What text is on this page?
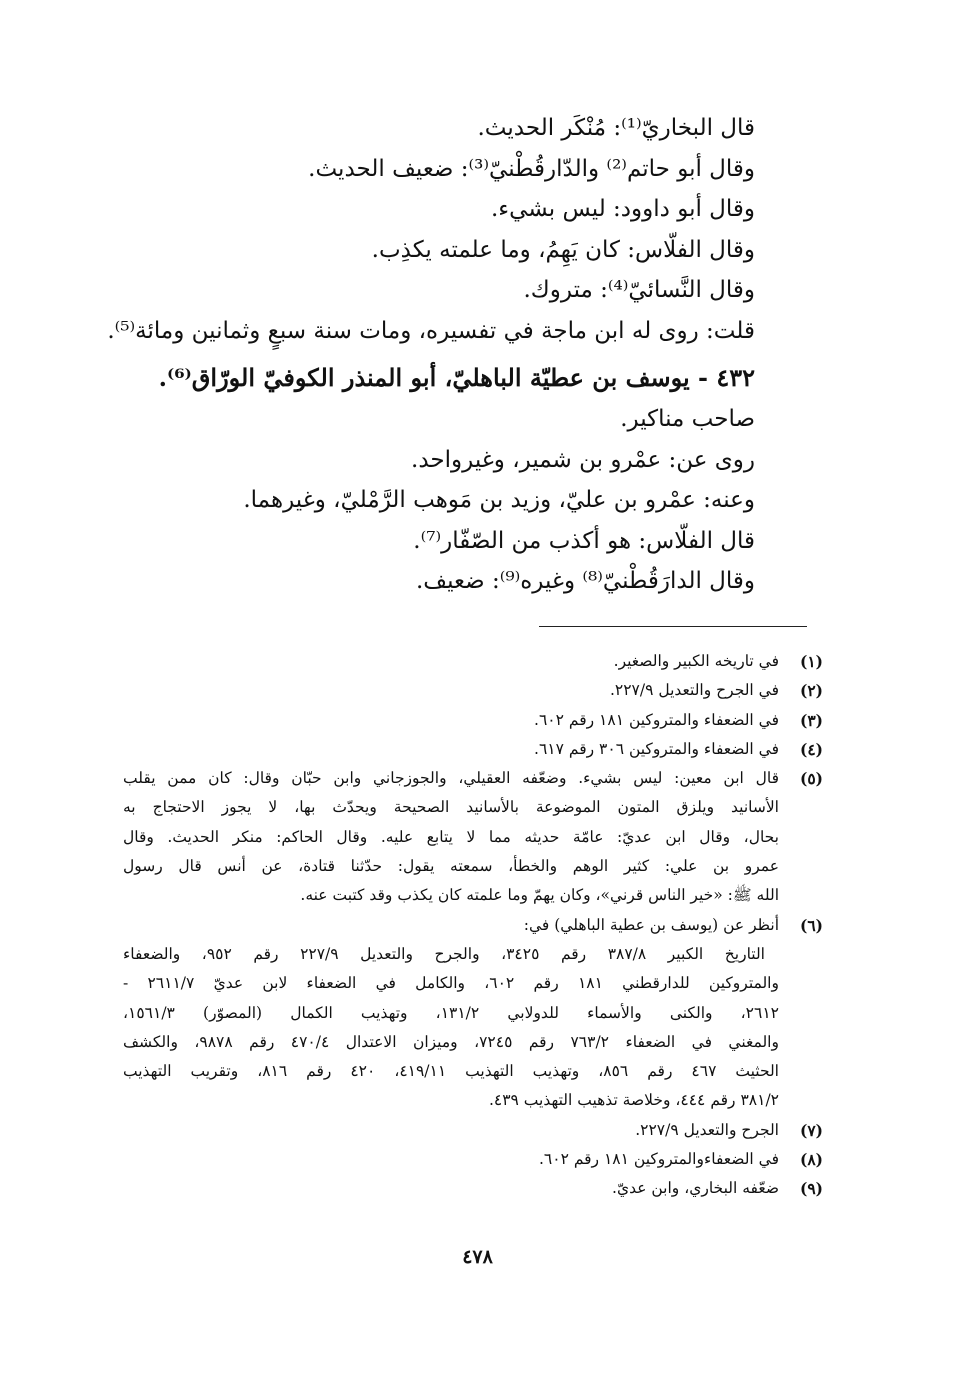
قال البخاريّ⁽¹⁾: مُنْكَر الحديث.
وقال أبو حاتم⁽²⁾ والدّارقُطْنيّ⁽³⁾: ضعيف الحديث.
وقال أبو داوود: ليس بشيء.
وقال الفلّاس: كان يَهِمُ، وما علمته يكذِب.
وقال النَّسائيّ⁽⁴⁾: متروك.
قلت: روى له ابن ماجة في تفسيره، ومات سنة سبعٍ وثمانين ومائة⁽⁵⁾.
٤٣٢ - يوسف بن عطيّة الباهليّ، أبو المنذر الكوفيّ الورّاق⁽⁶⁾.
صاحب مناكير.
روى عن: عمْرو بن شمير، وغيرواحد.
وعنه: عمْرو بن عليّ، وزيد بن مَوهب الرَّمْليّ، وغيرهما.
قال الفلّاس: هو أكذب من الصّفّار⁽⁷⁾.
وقال الدارَقُطْنيّ⁽⁸⁾ وغيره⁽⁹⁾: ضعيف.
(١)
في تاريخه الكبير والصغير.
(٢)
في الجرح والتعديل ٢٢٧/٩.
(٣)
في الضعفاء والمتروكين ١٨١ رقم ٦٠٢.
(٤)
في الضعفاء والمتروكين ٣٠٦ رقم ٦١٧.
(٥)
قال ابن معين: ليس بشيء. وضعّفه العقيلي، والجوزجاني وابن حبّان وقال: كان ممن يقلب
الأسانيد ويلزق المتون الموضوعة بالأسانيد الصحيحة ويحدّث بها، لا يجوز الاحتجاج به
بحال، وقال ابن عديّ: عامّة حديثه مما لا يتابع عليه. وقال الحاكم: منكر الحديث. وقال
عمرو بن علي: كثير الوهم والخطأ، سمعته يقول: حدّثنا قتادة، عن أنس قال رسول
الله ﷺ: «خير الناس قرني»، وكان يهمّ وما علمته كان يكذب وقد كتبت عنه.
(٦)
أنظر عن (يوسف بن عطية الباهلي) في:
التاريخ الكبير ٣٨٧/٨ رقم ٣٤٢٥، والجرح والتعديل ٢٢٧/٩ رقم ٩٥٢، والضعفاء
والمتروكين للدارقطني ١٨١ رقم ٦٠٢، والكامل في الضعفاء لابن عديّ ٢٦١١/٧ -
٢٦١٢، والكنى والأسماء للدولابي ١٣١/٢، وتهذيب الكمال (المصوّر) ١٥٦١/٣،
والمغني في الضعفاء ٧٦٣/٢ رقم ٧٢٤٥، وميزان الاعتدال ٤٧٠/٤ رقم ٩٨٧٨، والكشف
الحثيث ٤٦٧ رقم ٨٥٦، وتهذيب التهذيب ٤١٩/١١، ٤٢٠ رقم ٨١٦، وتقريب التهذيب
٣٨١/٢ رقم ٤٤٤، وخلاصة تذهيب التهذيب ٤٣٩.
(٧)
الجرح والتعديل ٢٢٧/٩.
(٨)
في الضعفاءوالمتروكين ١٨١ رقم ٦٠٢.
(٩)
ضعّفه البخاري، وابن عديّ.
٤٧٨
